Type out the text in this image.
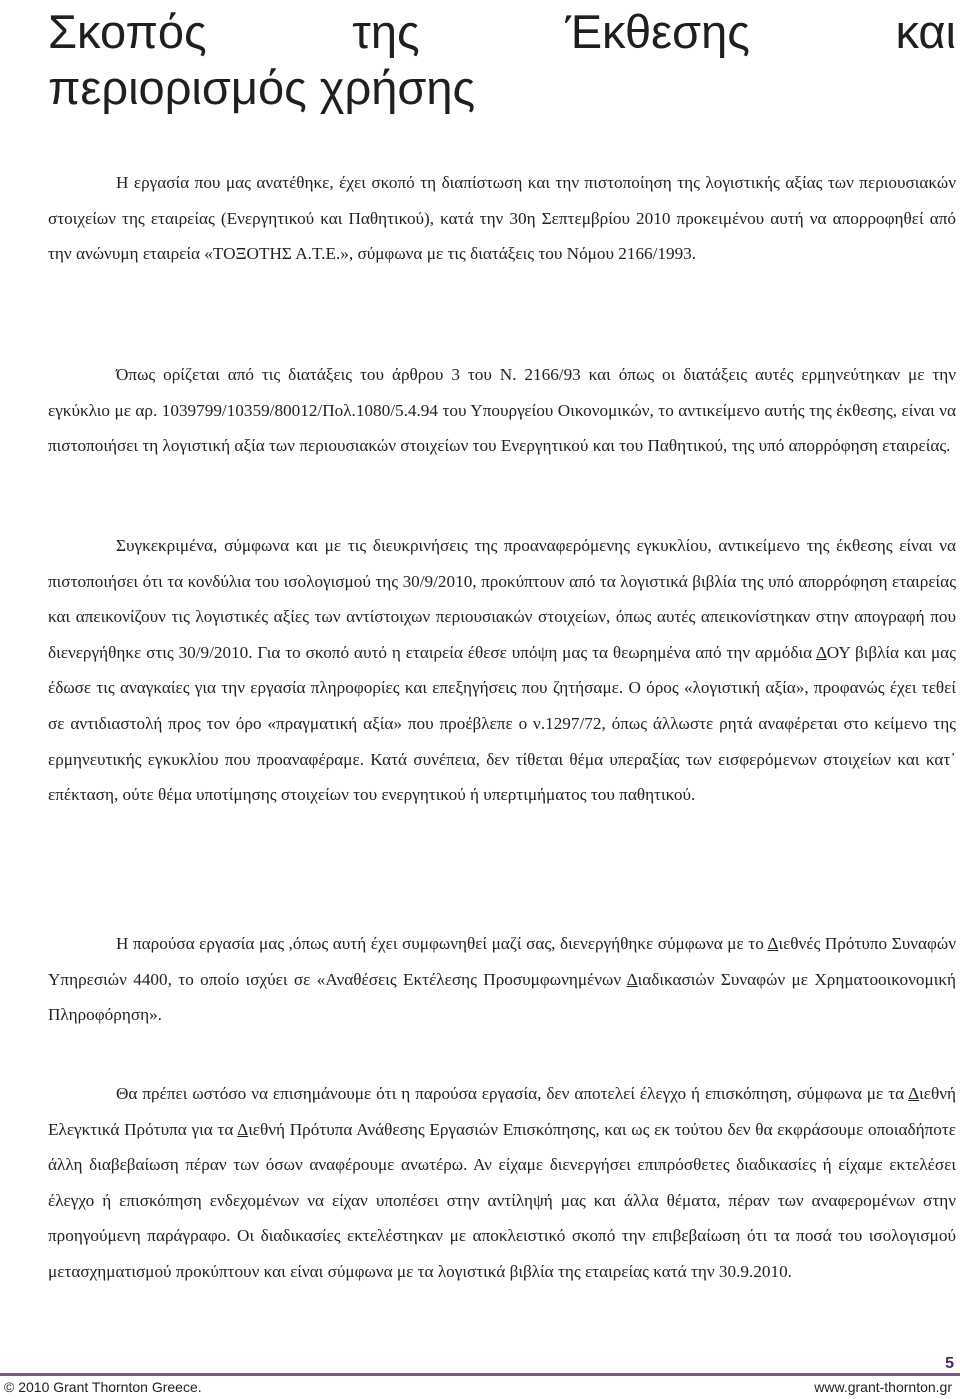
Σκοπός	της	Έκθεσης	και
περιορισμός χρήσης

Η εργασία που μας ανατέθηκε, έχει σκοπό τη διαπίστωση και την πιστοποίηση της λογιστικής αξίας των περιουσιακών στοιχείων της εταιρείας (Ενεργητικού και Παθητικού), κατά την 30η Σεπτεμβρίου 2010 προκειμένου αυτή να απορροφηθεί από την ανώνυμη εταιρεία «ΤΟΞΟΤΗΣ Α.Τ.Ε.», σύμφωνα με τις διατάξεις του Νόμου 2166/1993.

Όπως ορίζεται από τις διατάξεις του άρθρου 3 του Ν. 2166/93 και όπως οι διατάξεις αυτές ερμηνεύτηκαν με την εγκύκλιο με αρ. 1039799/10359/80012/Πολ.1080/5.4.94 του Υπουργείου Οικονομικών, το αντικείμενο αυτής της έκθεσης, είναι να πιστοποιήσει τη λογιστική αξία των περιουσιακών στοιχείων του Ενεργητικού και του Παθητικού, της υπό απορρόφηση εταιρείας.

Συγκεκριμένα, σύμφωνα και με τις διευκρινήσεις της προαναφερόμενης εγκυκλίου, αντικείμενο της έκθεσης είναι να πιστοποιήσει ότι τα κονδύλια του ισολογισμού της 30/9/2010, προκύπτουν από τα λογιστικά βιβλία της υπό απορρόφηση εταιρείας και απεικονίζουν τις λογιστικές αξίες των αντίστοιχων περιουσιακών στοιχείων, όπως αυτές απεικονίστηκαν στην απογραφή που διενεργήθηκε στις 30/9/2010. Για το σκοπό αυτό η εταιρεία έθεσε υπόψη μας τα θεωρημένα από την αρμόδια ΔΟΥ βιβλία και μας έδωσε τις αναγκαίες για την εργασία πληροφορίες και επεξηγήσεις που ζητήσαμε. Ο όρος «λογιστική αξία», προφανώς έχει τεθεί σε αντιδιαστολή προς τον όρο «πραγματική αξία» που προέβλεπε ο ν.1297/72, όπως άλλωστε ρητά αναφέρεται στο κείμενο της ερμηνευτικής εγκυκλίου που προαναφέραμε. Κατά συνέπεια, δεν τίθεται θέμα υπεραξίας των εισφερόμενων στοιχείων και κατ᾽ επέκταση, ούτε θέμα υποτίμησης στοιχείων του ενεργητικού ή υπερτιμήματος του παθητικού.

Η παρούσα εργασία μας ,όπως αυτή έχει συμφωνηθεί μαζί σας, διενεργήθηκε σύμφωνα με το Διεθνές Πρότυπο Συναφών Υπηρεσιών 4400, το οποίο ισχύει σε «Αναθέσεις Εκτέλεσης Προσυμφωνημένων Διαδικασιών Συναφών με Χρηματοοικονομική Πληροφόρηση».

Θα πρέπει ωστόσο να επισημάνουμε ότι η παρούσα εργασία, δεν αποτελεί έλεγχο ή επισκόπηση, σύμφωνα με τα Διεθνή Ελεγκτικά Πρότυπα για τα Διεθνή Πρότυπα Ανάθεσης Εργασιών Επισκόπησης, και ως εκ τούτου δεν θα εκφράσουμε οποιαδήποτε άλλη διαβεβαίωση πέραν των όσων αναφέρουμε ανωτέρω. Αν είχαμε διενεργήσει επιπρόσθετες διαδικασίες ή είχαμε εκτελέσει έλεγχο ή επισκόπηση ενδεχομένων να είχαν υποπέσει στην αντίληψή μας και άλλα θέματα, πέραν των αναφερομένων στην προηγούμενη παράγραφο. Οι διαδικασίες εκτελέστηκαν με αποκλειστικό σκοπό την επιβεβαίωση ότι τα ποσά του ισολογισμού μετασχηματισμού προκύπτουν και είναι σύμφωνα με τα λογιστικά βιβλία της εταιρείας κατά την 30.9.2010.

5
© 2010 Grant Thornton Greece.	www.grant-thornton.gr
